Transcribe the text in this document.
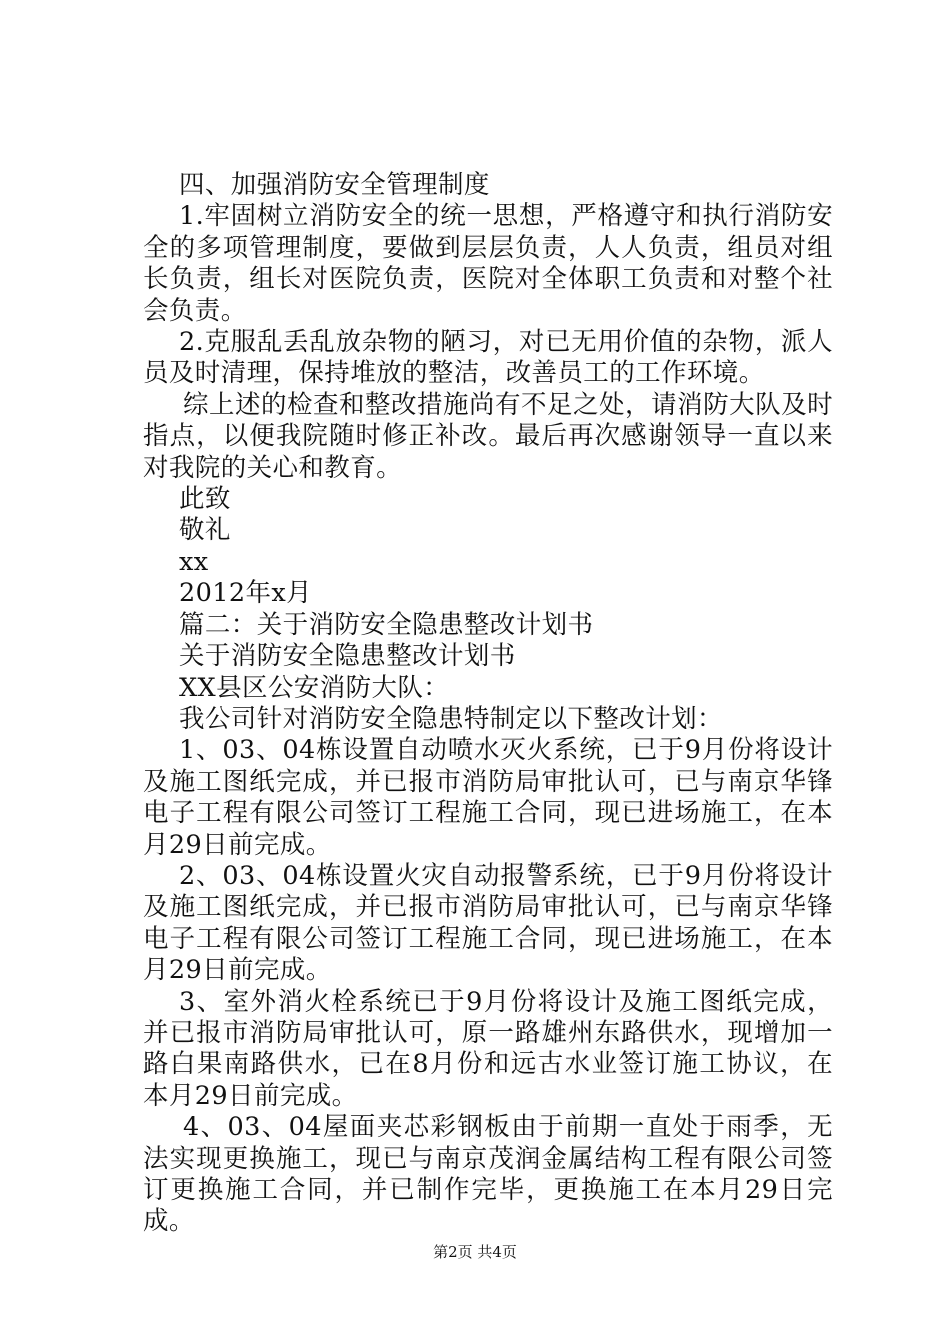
四、加强消防安全管理制度

1.牢固树立消防安全的统一思想，严格遵守和执行消防安全的多项管理制度，要做到层层负责，人人负责，组员对组长负责，组长对医院负责，医院对全体职工负责和对整个社会负责。

2.克服乱丢乱放杂物的陋习，对已无用价值的杂物，派人员及时清理，保持堆放的整洁，改善员工的工作环境。

综上述的检查和整改措施尚有不足之处，请消防大队及时指点，以便我院随时修正补改。最后再次感谢领导一直以来对我院的关心和教育。

此致

敬礼

xx

2012年x月

篇二：关于消防安全隐患整改计划书

关于消防安全隐患整改计划书

XX县区公安消防大队：

我公司针对消防安全隐患特制定以下整改计划：

1、03、04栋设置自动喷水灭火系统，已于9月份将设计及施工图纸完成，并已报市消防局审批认可，已与南京华锋电子工程有限公司签订工程施工合同，现已进场施工，在本月29日前完成。

2、03、04栋设置火灾自动报警系统，已于9月份将设计及施工图纸完成，并已报市消防局审批认可，已与南京华锋电子工程有限公司签订工程施工合同，现已进场施工，在本月29日前完成。

3、室外消火栓系统已于9月份将设计及施工图纸完成，并已报市消防局审批认可，原一路雄州东路供水，现增加一路白果南路供水，已在8月份和远古水业签订施工协议，在本月29日前完成。

4、03、04屋面夹芯彩钢板由于前期一直处于雨季，无法实现更换施工，现已与南京茂润金属结构工程有限公司签订更换施工合同，并已制作完毕，更换施工在本月29日完成。

第2页 共4页
